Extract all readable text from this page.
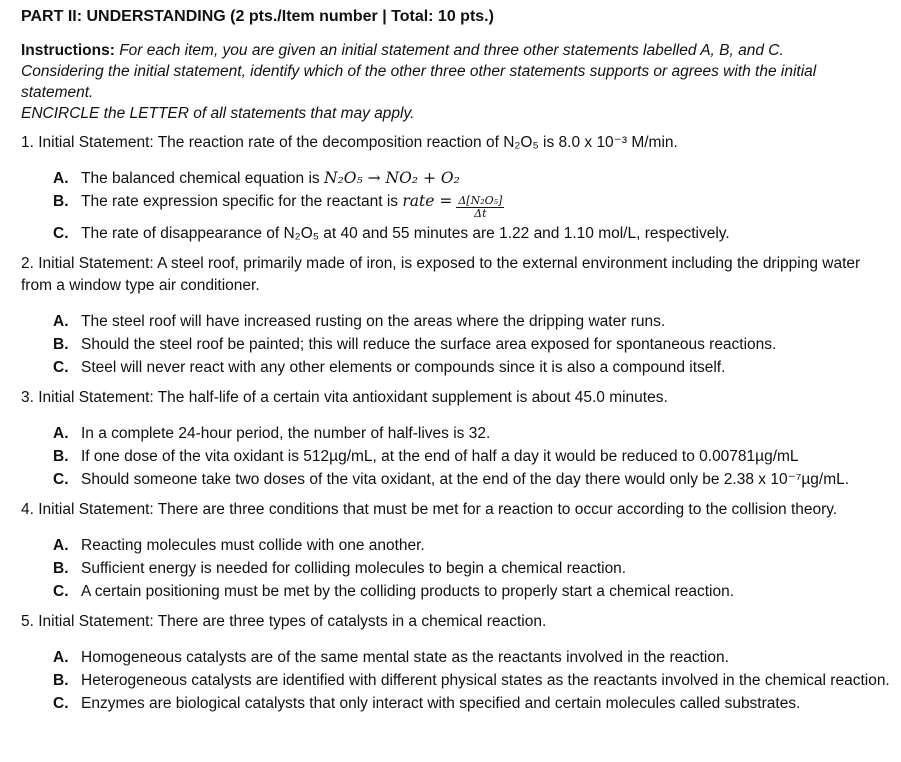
PART II: UNDERSTANDING (2 pts./Item number | Total: 10 pts.)
Instructions: For each item, you are given an initial statement and three other statements labelled A, B, and C.
Considering the initial statement, identify which of the other three other statements supports or agrees with the initial statement.
ENCIRCLE the LETTER of all statements that may apply.
1. Initial Statement: The reaction rate of the decomposition reaction of N₂O₅ is 8.0 x 10⁻³ M/min.
A. The balanced chemical equation is
N₂O₅ → NO₂ + O₂
B. The rate expression specific for the reactant is
rate = $\frac{\text{Δ[N₂O₅]}}{\Delta t}$
C. The rate of disappearance of N₂O₅ at 40 and 55 minutes are 1.22 and 1.10 mol/L, respectively.
2. Initial Statement: A steel roof, primarily made of iron, is exposed to the external environment including the dripping water from a window type air conditioner.
A. The steel roof will have increased rusting on the areas where the dripping water runs.
B. Should the steel roof be painted; this will reduce the surface area exposed for spontaneous reactions.
C. Steel will never react with any other elements or compounds since it is also a compound itself.
3. Initial Statement: The half-life of a certain vita antioxidant supplement is about 45.0 minutes.
A. In a complete 24-hour period, the number of half-lives is 32.
B. If one dose of the vita oxidant is 512µg/mL, at the end of half a day it would be reduced to 0.00781µg/mL
C. Should someone take two doses of the vita oxidant, at the end of the day there would only be 2.38 x 10⁻⁷µg/mL.
4. Initial Statement: There are three conditions that must be met for a reaction to occur according to the collision theory.
A. Reacting molecules must collide with one another.
B. Sufficient energy is needed for colliding molecules to begin a chemical reaction.
C. A certain positioning must be met by the colliding products to properly start a chemical reaction.
5. Initial Statement: There are three types of catalysts in a chemical reaction.
A. Homogeneous catalysts are of the same mental state as the reactants involved in the reaction.
B. Heterogeneous catalysts are identified with different physical states as the reactants involved in the chemical reaction.
C. Enzymes are biological catalysts that only interact with specified and certain molecules called substrates.
